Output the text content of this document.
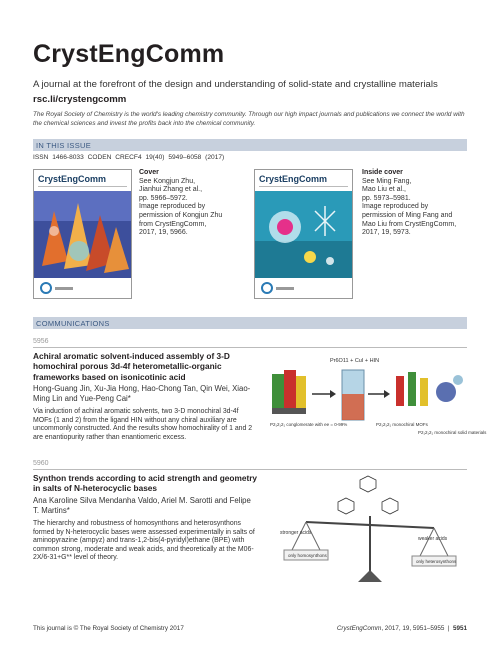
CrystEngComm
A journal at the forefront of the design and understanding of solid-state and crystalline materials
rsc.li/crystengcomm
The Royal Society of Chemistry is the world's leading chemistry community. Through our high impact journals and publications we connect the world with the chemical sciences and invest the profits back into the chemical community.
IN THIS ISSUE
ISSN 1466-8033 CODEN CRECF4 19(40) 5949–6058 (2017)
CrystEngComm
Cover
See Kongjun Zhu,
Jianhui Zhang et al.,
pp. 5966–5972.
Image reproduced by
permission of Kongjun Zhu
from CrystEngComm,
2017, 19, 5966.
CrystEngComm
Inside cover
See Ming Fang,
Mao Liu et al.,
pp. 5973–5981.
Image reproduced by
permission of Ming Fang and
Mao Liu from CrystEngComm,
2017, 19, 5973.
COMMUNICATIONS
5956
Achiral aromatic solvent-induced assembly of 3-D homochiral porous 3d-4f heterometallic-organic frameworks based on isonicotinic acid
Hong-Guang Jin, Xu-Jia Hong, Hao-Chong Tan, Qin Wei, Xiao-Ming Lin and Yue-Peng Cai*
Via induction of achiral aromatic solvents, two 3-D monochiral 3d-4f MOFs (1 and 2) from the ligand HIN without any chiral auxiliary are uncommonly constructed. And the results show homochirality of 1 and 2 are enantiopurity rather than enantiomeric excess.
Pr6O11 + CuI + HIN
P2₁2₁2₁ conglomerate with ee = 0-99%	P2₁2₁2₁ monochiral MOFs
P2₁2₁2₁ monochiral solid materials
5960
Synthon trends according to acid strength and geometry in salts of N-heterocyclic bases
Ana Karoline Silva Mendanha Valdo, Ariel M. Sarotti and Felipe T. Martins*
The hierarchy and robustness of homosynthons and heterosynthons formed by N-heterocyclic bases were assessed experimentally in salts of aminopyrazine (ampyz) and trans-1,2-bis(4-pyridyl)ethane (BPE) with common strong, moderate and weak acids, and theoretically at the M06-2X/6-31+G** level of theory.
stronger acids
weaker acids
only homosynthons
only heterosynthons
This journal is © The Royal Society of Chemistry 2017	CrystEngComm, 2017, 19, 5951–5955  |  5951
